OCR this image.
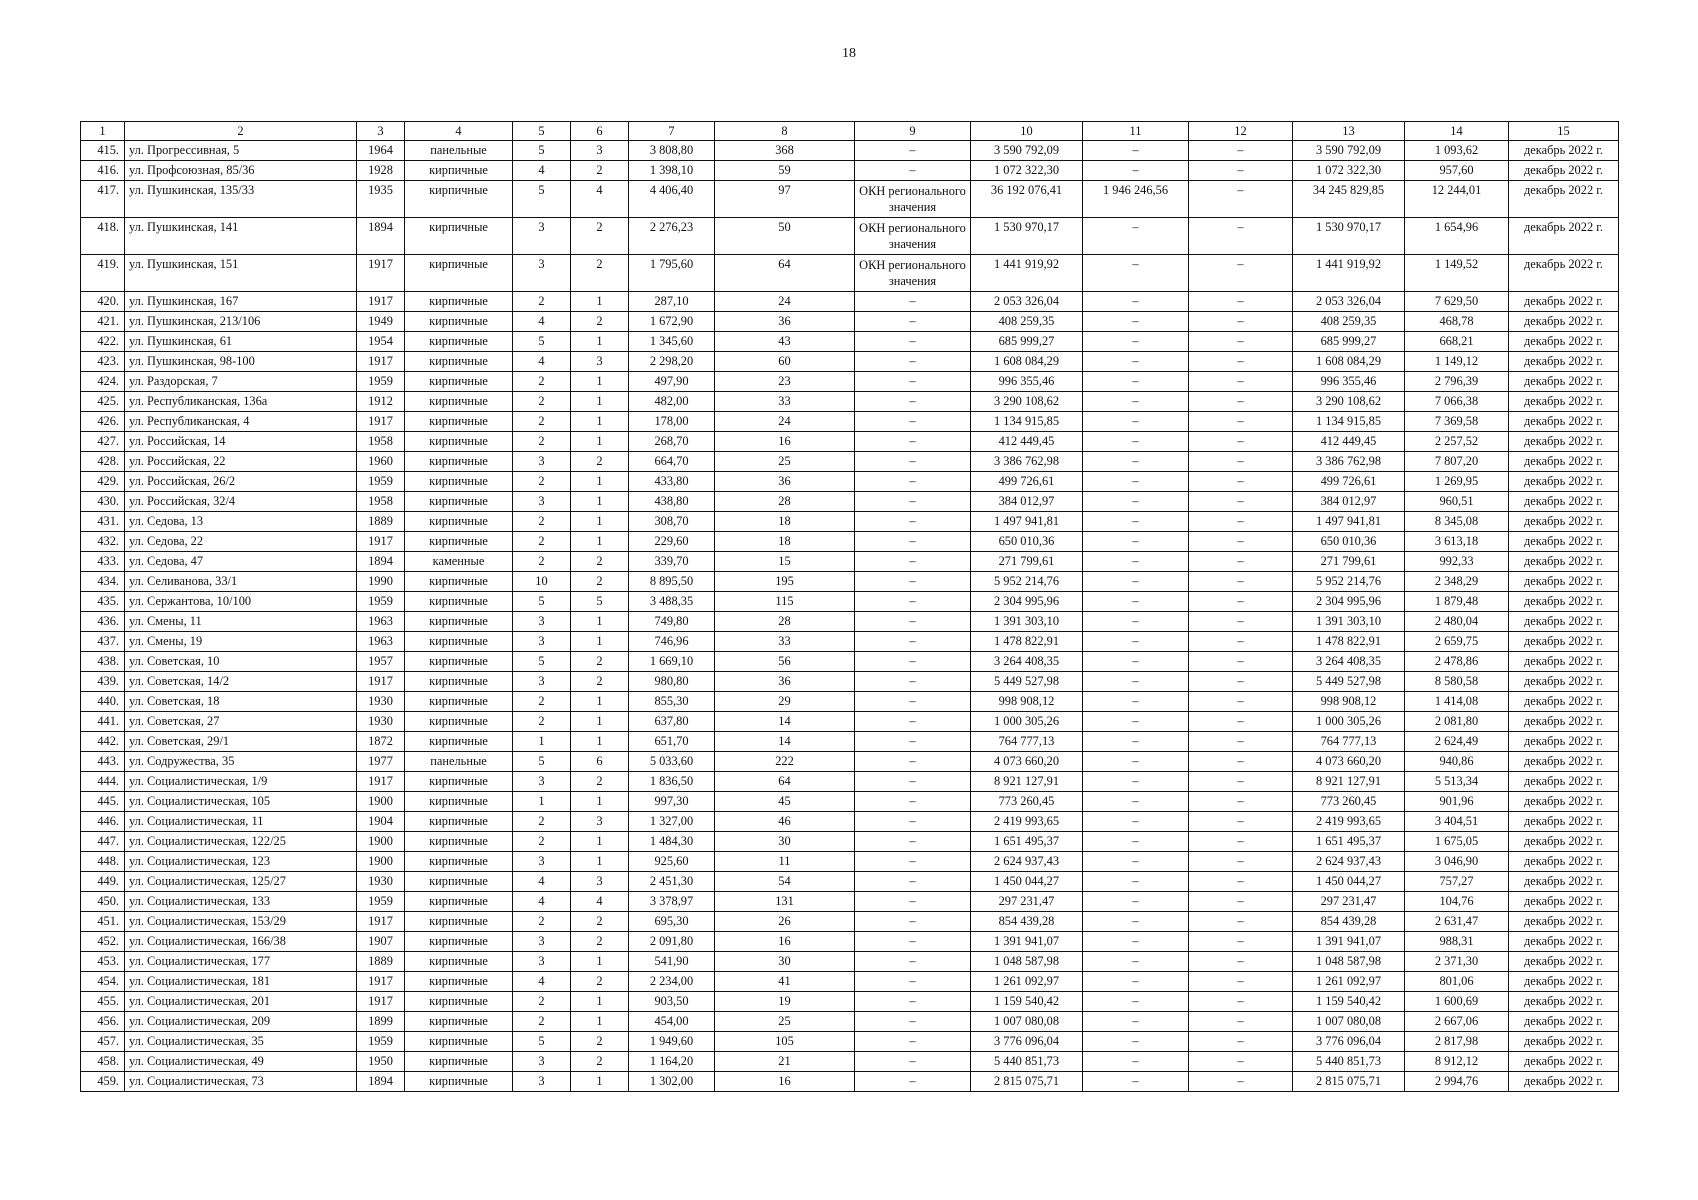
18
1	2	3	4	5	6	7	8	9	10	11	12	13	14	15
415.	ул. Прогрессивная, 5	1964	панельные	5	3	3 808,80	368	–	3 590 792,09	–	–	3 590 792,09	1 093,62	декабрь 2022 г.
416.	ул. Профсоюзная, 85/36	1928	кирпичные	4	2	1 398,10	59	–	1 072 322,30	–	–	1 072 322,30	957,60	декабрь 2022 г.
417.	ул. Пушкинская, 135/33	1935	кирпичные	5	4	4 406,40	97	ОКН регионального значения	36 192 076,41	1 946 246,56	–	34 245 829,85	12 244,01	декабрь 2022 г.
418.	ул. Пушкинская, 141	1894	кирпичные	3	2	2 276,23	50	ОКН регионального значения	1 530 970,17	–	–	1 530 970,17	1 654,96	декабрь 2022 г.
419.	ул. Пушкинская, 151	1917	кирпичные	3	2	1 795,60	64	ОКН регионального значения	1 441 919,92	–	–	1 441 919,92	1 149,52	декабрь 2022 г.
420.	ул. Пушкинская, 167	1917	кирпичные	2	1	287,10	24	–	2 053 326,04	–	–	2 053 326,04	7 629,50	декабрь 2022 г.
421.	ул. Пушкинская, 213/106	1949	кирпичные	4	2	1 672,90	36	–	408 259,35	–	–	408 259,35	468,78	декабрь 2022 г.
422.	ул. Пушкинская, 61	1954	кирпичные	5	1	1 345,60	43	–	685 999,27	–	–	685 999,27	668,21	декабрь 2022 г.
423.	ул. Пушкинская, 98-100	1917	кирпичные	4	3	2 298,20	60	–	1 608 084,29	–	–	1 608 084,29	1 149,12	декабрь 2022 г.
424.	ул. Раздорская, 7	1959	кирпичные	2	1	497,90	23	–	996 355,46	–	–	996 355,46	2 796,39	декабрь 2022 г.
425.	ул. Республиканская, 136а	1912	кирпичные	2	1	482,00	33	–	3 290 108,62	–	–	3 290 108,62	7 066,38	декабрь 2022 г.
426.	ул. Республиканская, 4	1917	кирпичные	2	1	178,00	24	–	1 134 915,85	–	–	1 134 915,85	7 369,58	декабрь 2022 г.
427.	ул. Российская, 14	1958	кирпичные	2	1	268,70	16	–	412 449,45	–	–	412 449,45	2 257,52	декабрь 2022 г.
428.	ул. Российская, 22	1960	кирпичные	3	2	664,70	25	–	3 386 762,98	–	–	3 386 762,98	7 807,20	декабрь 2022 г.
429.	ул. Российская, 26/2	1959	кирпичные	2	1	433,80	36	–	499 726,61	–	–	499 726,61	1 269,95	декабрь 2022 г.
430.	ул. Российская, 32/4	1958	кирпичные	3	1	438,80	28	–	384 012,97	–	–	384 012,97	960,51	декабрь 2022 г.
431.	ул. Седова, 13	1889	кирпичные	2	1	308,70	18	–	1 497 941,81	–	–	1 497 941,81	8 345,08	декабрь 2022 г.
432.	ул. Седова, 22	1917	кирпичные	2	1	229,60	18	–	650 010,36	–	–	650 010,36	3 613,18	декабрь 2022 г.
433.	ул. Седова, 47	1894	каменные	2	2	339,70	15	–	271 799,61	–	–	271 799,61	992,33	декабрь 2022 г.
434.	ул. Селиванова, 33/1	1990	кирпичные	10	2	8 895,50	195	–	5 952 214,76	–	–	5 952 214,76	2 348,29	декабрь 2022 г.
435.	ул. Сержантова, 10/100	1959	кирпичные	5	5	3 488,35	115	–	2 304 995,96	–	–	2 304 995,96	1 879,48	декабрь 2022 г.
436.	ул. Смены, 11	1963	кирпичные	3	1	749,80	28	–	1 391 303,10	–	–	1 391 303,10	2 480,04	декабрь 2022 г.
437.	ул. Смены, 19	1963	кирпичные	3	1	746,96	33	–	1 478 822,91	–	–	1 478 822,91	2 659,75	декабрь 2022 г.
438.	ул. Советская, 10	1957	кирпичные	5	2	1 669,10	56	–	3 264 408,35	–	–	3 264 408,35	2 478,86	декабрь 2022 г.
439.	ул. Советская, 14/2	1917	кирпичные	3	2	980,80	36	–	5 449 527,98	–	–	5 449 527,98	8 580,58	декабрь 2022 г.
440.	ул. Советская, 18	1930	кирпичные	2	1	855,30	29	–	998 908,12	–	–	998 908,12	1 414,08	декабрь 2022 г.
441.	ул. Советская, 27	1930	кирпичные	2	1	637,80	14	–	1 000 305,26	–	–	1 000 305,26	2 081,80	декабрь 2022 г.
442.	ул. Советская, 29/1	1872	кирпичные	1	1	651,70	14	–	764 777,13	–	–	764 777,13	2 624,49	декабрь 2022 г.
443.	ул. Содружества, 35	1977	панельные	5	6	5 033,60	222	–	4 073 660,20	–	–	4 073 660,20	940,86	декабрь 2022 г.
444.	ул. Социалистическая, 1/9	1917	кирпичные	3	2	1 836,50	64	–	8 921 127,91	–	–	8 921 127,91	5 513,34	декабрь 2022 г.
445.	ул. Социалистическая, 105	1900	кирпичные	1	1	997,30	45	–	773 260,45	–	–	773 260,45	901,96	декабрь 2022 г.
446.	ул. Социалистическая, 11	1904	кирпичные	2	3	1 327,00	46	–	2 419 993,65	–	–	2 419 993,65	3 404,51	декабрь 2022 г.
447.	ул. Социалистическая, 122/25	1900	кирпичные	2	1	1 484,30	30	–	1 651 495,37	–	–	1 651 495,37	1 675,05	декабрь 2022 г.
448.	ул. Социалистическая, 123	1900	кирпичные	3	1	925,60	11	–	2 624 937,43	–	–	2 624 937,43	3 046,90	декабрь 2022 г.
449.	ул. Социалистическая, 125/27	1930	кирпичные	4	3	2 451,30	54	–	1 450 044,27	–	–	1 450 044,27	757,27	декабрь 2022 г.
450.	ул. Социалистическая, 133	1959	кирпичные	4	4	3 378,97	131	–	297 231,47	–	–	297 231,47	104,76	декабрь 2022 г.
451.	ул. Социалистическая, 153/29	1917	кирпичные	2	2	695,30	26	–	854 439,28	–	–	854 439,28	2 631,47	декабрь 2022 г.
452.	ул. Социалистическая, 166/38	1907	кирпичные	3	2	2 091,80	16	–	1 391 941,07	–	–	1 391 941,07	988,31	декабрь 2022 г.
453.	ул. Социалистическая, 177	1889	кирпичные	3	1	541,90	30	–	1 048 587,98	–	–	1 048 587,98	2 371,30	декабрь 2022 г.
454.	ул. Социалистическая, 181	1917	кирпичные	4	2	2 234,00	41	–	1 261 092,97	–	–	1 261 092,97	801,06	декабрь 2022 г.
455.	ул. Социалистическая, 201	1917	кирпичные	2	1	903,50	19	–	1 159 540,42	–	–	1 159 540,42	1 600,69	декабрь 2022 г.
456.	ул. Социалистическая, 209	1899	кирпичные	2	1	454,00	25	–	1 007 080,08	–	–	1 007 080,08	2 667,06	декабрь 2022 г.
457.	ул. Социалистическая, 35	1959	кирпичные	5	2	1 949,60	105	–	3 776 096,04	–	–	3 776 096,04	2 817,98	декабрь 2022 г.
458.	ул. Социалистическая, 49	1950	кирпичные	3	2	1 164,20	21	–	5 440 851,73	–	–	5 440 851,73	8 912,12	декабрь 2022 г.
459.	ул. Социалистическая, 73	1894	кирпичные	3	1	1 302,00	16	–	2 815 075,71	–	–	2 815 075,71	2 994,76	декабрь 2022 г.
